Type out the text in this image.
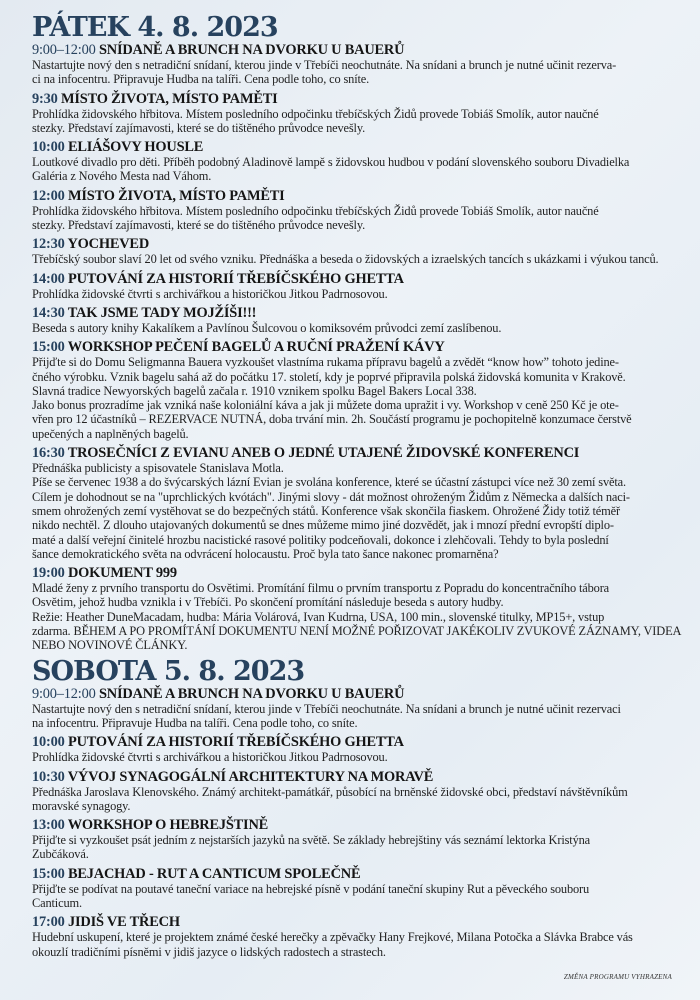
PÁTEK 4. 8. 2023
9:00–12:00 SNÍDANĚ A BRUNCH NA DVORKU U BAUERŮ
Nastartujte nový den s netradiční snídaní, kterou jinde v Třebíči neochutnáte. Na snídani a brunch je nutné učinit rezerva-
ci na infocentru. Připravuje Hudba na talíři. Cena podle toho, co sníte.
9:30 MÍSTO ŽIVOTA, MÍSTO PAMĚTI
Prohlídka židovského hřbitova. Místem posledního odpočinku třebíčských Židů provede Tobiáš Smolík, autor naučné
stezky. Představí zajímavosti, které se do tištěného průvodce nevešly.
10:00 ELIÁŠOVY HOUSLE
Loutkové divadlo pro děti. Příběh podobný Aladinově lampě s židovskou hudbou v podání slovenského souboru Divadielka
Galéria z Nového Mesta nad Váhom.
12:00 MÍSTO ŽIVOTA, MÍSTO PAMĚTI
Prohlídka židovského hřbitova. Místem posledního odpočinku třebíčských Židů provede Tobiáš Smolík, autor naučné
stezky. Představí zajímavosti, které se do tištěného průvodce nevešly.
12:30 YOCHEVED
Třebíčský soubor slaví 20 let od svého vzniku. Přednáška a beseda o židovských a izraelských tancích s ukázkami i výukou tanců.
14:00 PUTOVÁNÍ ZA HISTORIÍ TŘEBÍČSKÉHO GHETTA
Prohlídka židovské čtvrti s archivářkou a historičkou Jitkou Padrnosovou.
14:30 TAK JSME TADY MOJŽÍŠI!!!
Beseda s autory knihy Kakalíkem a Pavlínou Šulcovou o komiksovém průvodci zemí zaslíbenou.
15:00 WORKSHOP PEČENÍ BAGELŮ A RUČNÍ PRAŽENÍ KÁVY
Přijďte si do Domu Seligmanna Bauera vyzkoušet vlastníma rukama přípravu bagelů a zvědět “know how” tohoto jedine-
čného výrobku. Vznik bagelu sahá až do počátku 17. století, kdy je poprvé připravila polská židovská komunita v Krakově.
Slavná tradice Newyorských bagelů začala r. 1910 vznikem spolku Bagel Bakers Local 338.
Jako bonus prozradíme jak vzniká naše koloniální káva a jak ji můžete doma upražit i vy. Workshop v ceně 250 Kč je ote-
vřen pro 12 účastníků – REZERVACE NUTNÁ, doba trvání min. 2h. Součástí programu je pochopitelně konzumace čerstvě
upečených a naplněných bagelů.
16:30 TROSEČNÍCI Z EVIANU ANEB O JEDNÉ UTAJENÉ ŽIDOVSKÉ KONFERENCI
Přednáška publicisty a spisovatele Stanislava Motla.
Píše se červenec 1938 a do švýcarských lázní Evian je svolána konference, které se účastní zástupci více než 30 zemí světa.
Cílem je dohodnout se na "uprchlických kvótách". Jinými slovy - dát možnost ohroženým Židům z Německa a dalších naci-
smem ohrožených zemí vystěhovat se do bezpečných států. Konference však skončila fiaskem. Ohrožené Židy totiž téměř
nikdo nechtěl. Z dlouho utajovaných dokumentů se dnes můžeme mimo jiné dozvědět, jak i mnozí přední evropští diplo-
maté a další veřejní činitelé hrozbu nacistické rasové politiky podceňovali, dokonce i zlehčovali. Tehdy to byla poslední
šance demokratického světa na odvrácení holocaustu. Proč byla tato šance nakonec promarněna?
19:00 DOKUMENT 999
Mladé ženy z prvního transportu do Osvětimi. Promítání filmu o prvním transportu z Popradu do koncentračního tábora
Osvětim, jehož hudba vznikla i v Třebíči. Po skončení promítání následuje beseda s autory hudby.
Režie: Heather DuneMacadam, hudba: Mária Volárová, Ivan Kudrna, USA, 100 min., slovenské titulky, MP15+, vstup
zdarma. BĚHEM A PO PROMÍTÁNÍ DOKUMENTU NENÍ MOŽNÉ POŘIZOVAT JAKÉKOLIV ZVUKOVÉ ZÁZNAMY, VIDEA
NEBO NOVINOVÉ ČLÁNKY.
SOBOTA 5. 8. 2023
9:00–12:00 SNÍDANĚ A BRUNCH NA DVORKU U BAUERŮ
Nastartujte nový den s netradiční snídaní, kterou jinde v Třebíči neochutnáte. Na snídani a brunch je nutné učinit rezervaci
na infocentru. Připravuje Hudba na talíři. Cena podle toho, co sníte.
10:00 PUTOVÁNÍ ZA HISTORIÍ TŘEBÍČSKÉHO GHETTA
Prohlídka židovské čtvrti s archivářkou a historičkou Jitkou Padrnosovou.
10:30 VÝVOJ SYNAGOGÁLNÍ ARCHITEKTURY NA MORAVĚ
Přednáška Jaroslava Klenovského. Známý architekt-památkář, působící na brněnské židovské obci, představí návštěvníkům
moravské synagogy.
13:00 WORKSHOP O HEBREJŠTINĚ
Přijďte si vyzkoušet psát jedním z nejstarších jazyků na světě. Se základy hebrejštiny vás seznámí lektorka Kristýna
Zubčáková.
15:00 BEJACHAD - RUT A CANTICUM SPOLEČNĚ
Přijďte se podívat na poutavé taneční variace na hebrejské písně v podání taneční skupiny Rut a pěveckého souboru
Canticum.
17:00 JIDIŠ VE TŘECH
Hudební uskupení, které je projektem známé české herečky a zpěvačky Hany Frejkové, Milana Potočka a Slávka Brabce vás
okouzlí tradičními písněmi v jidiš jazyce o lidských radostech a strastech.
ZMĚNA PROGRAMU VYHRAZENA
